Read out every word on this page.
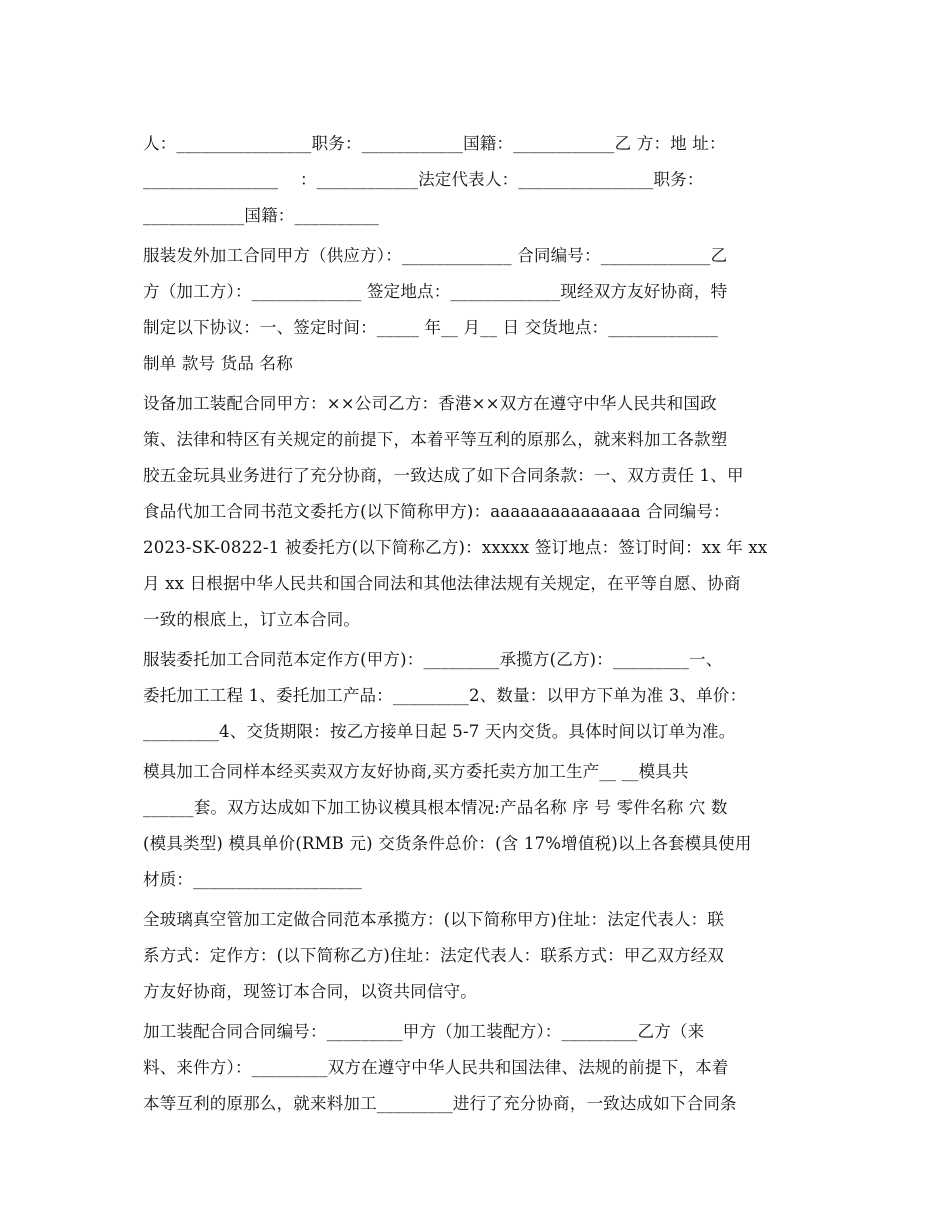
人：________________职务：____________国籍：____________乙 方：地 址：
________________    ：____________法定代表人：________________职务：
____________国籍：__________
服装发外加工合同甲方（供应方）：_____________ 合同编号：_____________乙
方（加工方）：_____________ 签定地点：_____________现经双方友好协商，特
制定以下协议：一、签定时间：_____ 年__ 月__ 日 交货地点：_____________
制单 款号 货品 名称
设备加工装配合同甲方：××公司乙方：香港××双方在遵守中华人民共和国政
策、法律和特区有关规定的前提下，本着平等互利的原那么，就来料加工各款塑
胶五金玩具业务进行了充分协商，一致达成了如下合同条款：一、双方责任 1、甲
食品代加工合同书范文委托方(以下简称甲方)：aaaaaaaaaaaaaaa 合同编号：
2023-SK-0822-1 被委托方(以下简称乙方)：xxxxx 签订地点：签订时间：xx 年 xx
月 xx 日根据中华人民共和国合同法和其他法律法规有关规定，在平等自愿、协商
一致的根底上，订立本合同。
服装委托加工合同范本定作方(甲方)：_________承揽方(乙方)：_________一、
委托加工工程 1、委托加工产品：_________2、数量：以甲方下单为准 3、单价：
_________4、交货期限：按乙方接单日起 5-7 天内交货。具体时间以订单为准。
模具加工合同样本经买卖双方友好协商,买方委托卖方加工生产__ __模具共
______套。双方达成如下加工协议模具根本情况:产品名称 序 号 零件名称 穴 数
(模具类型) 模具单价(RMB 元) 交货条件总价：(含 17%增值税)以上各套模具使用
材质：____________________
全玻璃真空管加工定做合同范本承揽方：(以下简称甲方)住址：法定代表人：联
系方式：定作方：(以下简称乙方)住址：法定代表人：联系方式：甲乙双方经双
方友好协商，现签订本合同，以资共同信守。
加工装配合同合同编号：_________甲方（加工装配方）：_________乙方（来
料、来件方）：_________双方在遵守中华人民共和国法律、法规的前提下，本着
本等互利的原那么，就来料加工_________进行了充分协商，一致达成如下合同条
